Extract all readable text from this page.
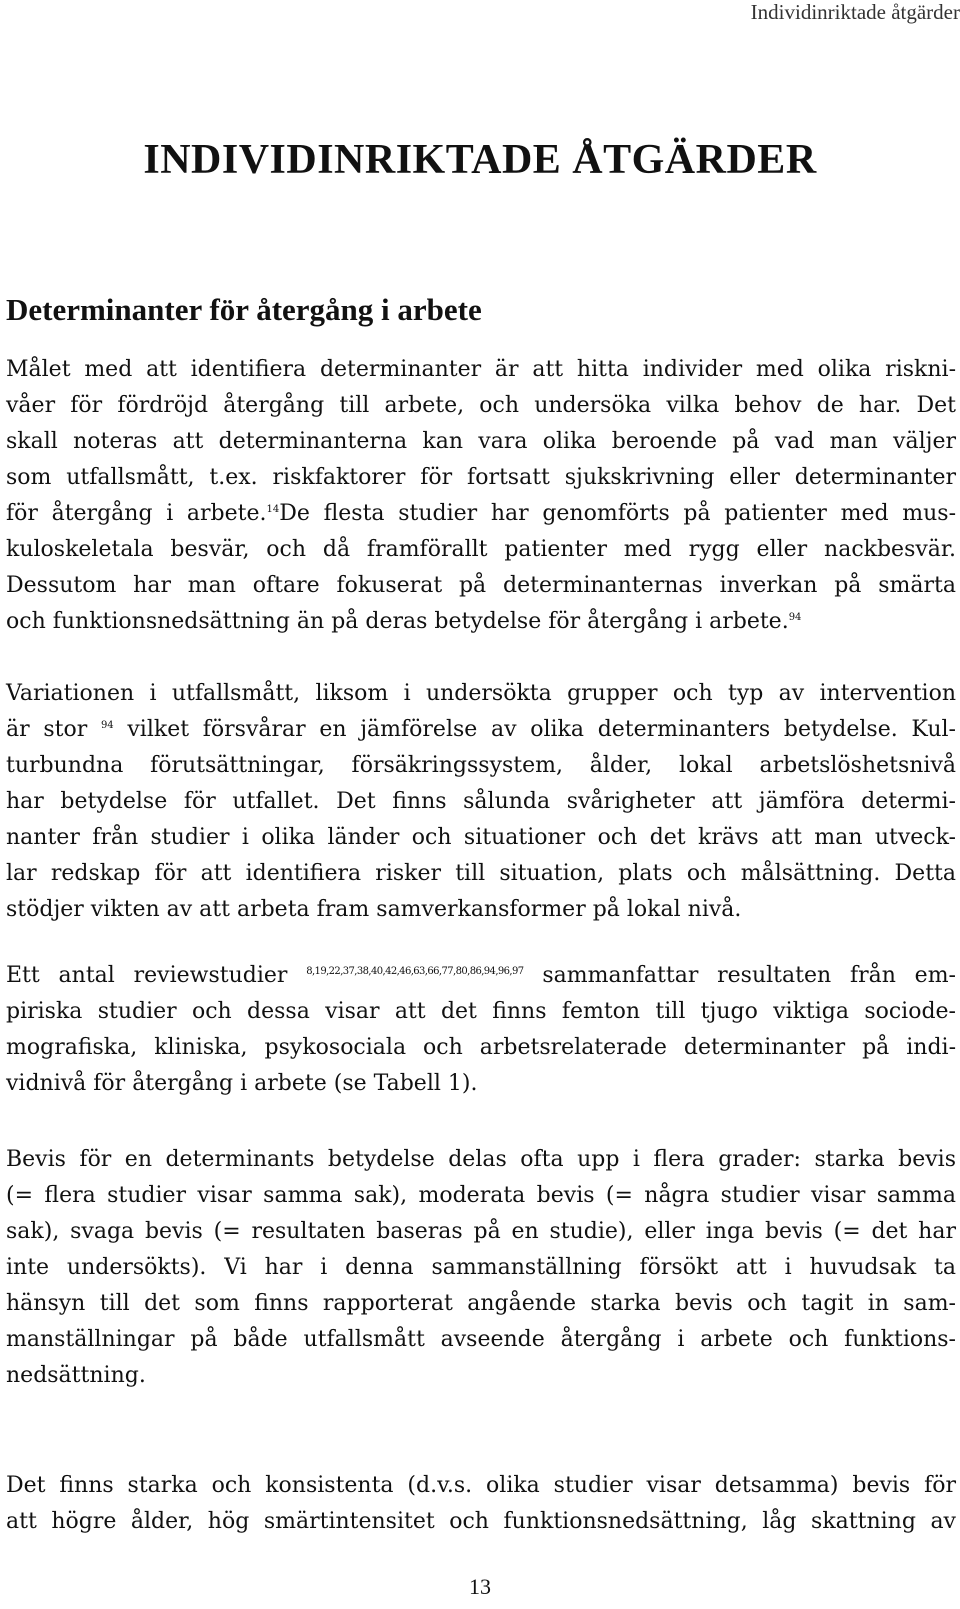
Individinriktade åtgärder
INDIVIDINRIKTADE ÅTGÄRDER
Determinanter för återgång i arbete

Målet med att identifiera determinanter är att hitta individer med olika riskni-
våer för fördröjd återgång till arbete, och undersöka vilka behov de har. Det
skall noteras att determinanterna kan vara olika beroende på vad man väljer
som utfallsmått, t.ex. riskfaktorer för fortsatt sjukskrivning eller determinanter
för återgång i arbete.$^{14}$De flesta studier har genomförts på patienter med mus-
kuloskeletala besvär, och då framförallt patienter med rygg eller nackbesvär.
Dessutom har man oftare fokuserat på determinanternas inverkan på smärta
och funktionsnedsättning än på deras betydelse för återgång i arbete.$^{94}$

Variationen i utfallsmått, liksom i undersökta grupper och typ av intervention
är stor $^{94}$ vilket försvårar en jämförelse av olika determinanters betydelse. Kul-
turbundna förutsättningar, försäkringssystem, ålder, lokal arbetslöshetsnivå
har betydelse för utfallet. Det finns sålunda svårigheter att jämföra determi-
nanter från studier i olika länder och situationer och det krävs att man utveck-
lar redskap för att identifiera risker till situation, plats och målsättning. Detta
stödjer vikten av att arbeta fram samverkansformer på lokal nivå.

Ett antal reviewstudier $^{8,19,22,37,38,40,42,46,63,66,77,80,86,94,96,97}$ sammanfattar resultaten från em-
piriska studier och dessa visar att det finns femton till tjugo viktiga sociode-
mografiska, kliniska, psykosociala och arbetsrelaterade determinanter på indi-
vidnivå för återgång i arbete (se Tabell 1).

Bevis för en determinants betydelse delas ofta upp i flera grader: starka bevis
(= flera studier visar samma sak), moderata bevis (= några studier visar samma
sak), svaga bevis (= resultaten baseras på en studie), eller inga bevis (= det har
inte undersökts). Vi har i denna sammanställning försökt att i huvudsak ta
hänsyn till det som finns rapporterat angående starka bevis och tagit in sam-
manställningar på både utfallsmått avseende återgång i arbete och funktions-
nedsättning.

Det finns starka och konsistenta (d.v.s. olika studier visar detsamma) bevis för
att högre ålder, hög smärtintensitet och funktionsnedsättning, låg skattning av

13
